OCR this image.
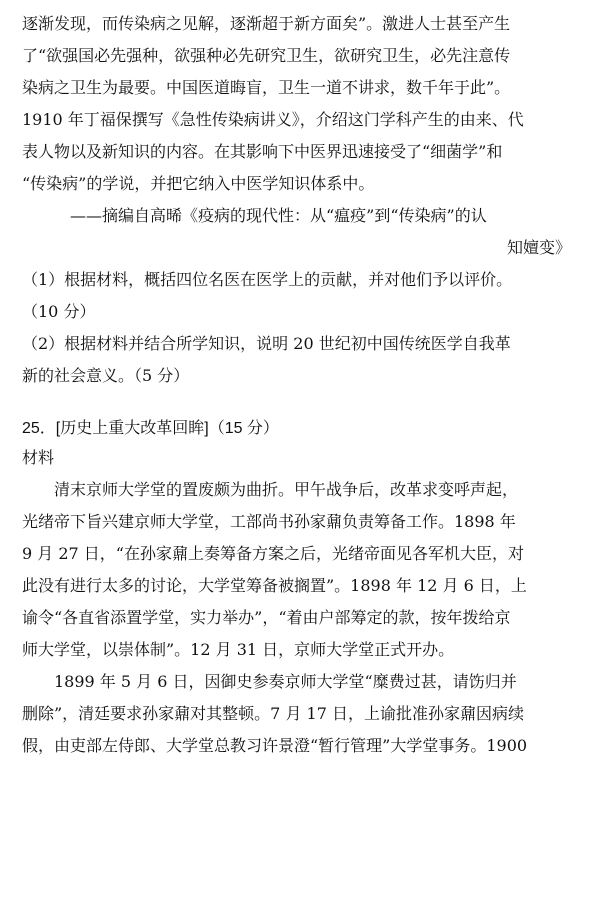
逐渐发现，而传染病之见解，逐渐超于新方面矣”。激进人士甚至产生
了“欲强国必先强种，欲强种必先研究卫生，欲研究卫生，必先注意传
染病之卫生为最要。中国医道晦盲，卫生一道不讲求，数千年于此”。
1910 年丁福保撰写《急性传染病讲义》，介绍这门学科产生的由来、代
表人物以及新知识的内容。在其影响下中医界迅速接受了“细菌学”和
“传染病”的学说，并把它纳入中医学知识体系中。
——摘编自高晞《疫病的现代性：从“瘟疫”到“传染病”的认
知嬗变》
（1）根据材料，概括四位名医在医学上的贡献，并对他们予以评价。
（10 分）
（2）根据材料并结合所学知识，说明 20 世纪初中国传统医学自我革
新的社会意义。（5 分）
25．[历史上重大改革回眸]（15 分）
材料
清末京师大学堂的置废颇为曲折。甲午战争后，改革求变呼声起，
光绪帝下旨兴建京师大学堂，工部尚书孙家鼐负责筹备工作。1898 年
9 月 27 日，“在孙家鼐上奏筹备方案之后，光绪帝面见各军机大臣，对
此没有进行太多的讨论，大学堂筹备被搁置”。1898 年 12 月 6 日，上
谕令“各直省添置学堂，实力举办”，“着由户部筹定的款，按年拨给京
师大学堂，以崇体制”。12 月 31 日，京师大学堂正式开办。
1899 年 5 月 6 日，因御史参奏京师大学堂“糜费过甚，请饬归并
删除”，清廷要求孙家鼐对其整顿。7 月 17 日，上谕批准孙家鼐因病续
假，由吏部左侍郎、大学堂总教习许景澄“暂行管理”大学堂事务。1900
